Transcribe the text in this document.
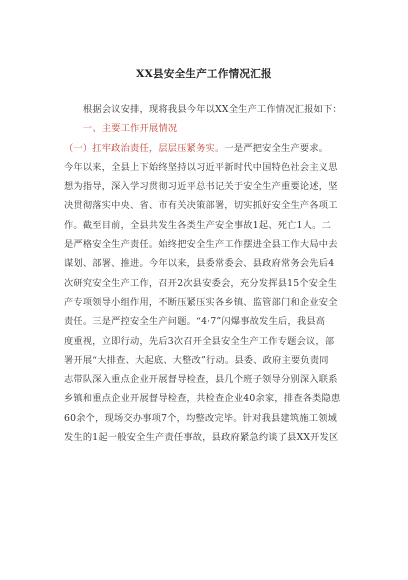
XX县安全生产工作情况汇报
根据会议安排，现将我县今年以XX全生产工作情况汇报如下：
一、主要工作开展情况
（一）扛牢政治责任，层层压紧务实。一是严把安全生产要求。
今年以来，全县上下始终坚持以习近平新时代中国特色社会主义思
想为指导，深入学习贯彻习近平总书记关于安全生产重要论述，坚
决贯彻落实中央、省、市有关决策部署，切实抓好安全生产各项工
作。截至目前，全县共发生各类生产安全事故1起、死亡1人。二
是严格安全生产责任。始终把安全生产工作摆进全县工作大局中去
谋划、部署、推进。今年以来，县委常委会、县政府常务会先后4
次研究安全生产工作，召开2次县安委会，充分发挥县15个安全生
产专项领导小组作用，不断压紧压实各乡镇、监管部门和企业安全
责任。三是严控安全生产问题。“4·7”闪爆事故发生后，我县高
度重视，立即行动，先后3次召开全县安全生产工作专题会议，部
署开展“大排查、大起底、大整改”行动。县委、政府主要负责同
志带队深入重点企业开展督导检查，县几个班子领导分别深入联系
乡镇和重点企业开展督导检查，共检查企业40余家，排查各类隐患
60余个，现场交办事项7个，均整改完毕。针对我县建筑施工领域
发生的1起一般安全生产责任事故，县政府紧急约谈了县XX开发区
